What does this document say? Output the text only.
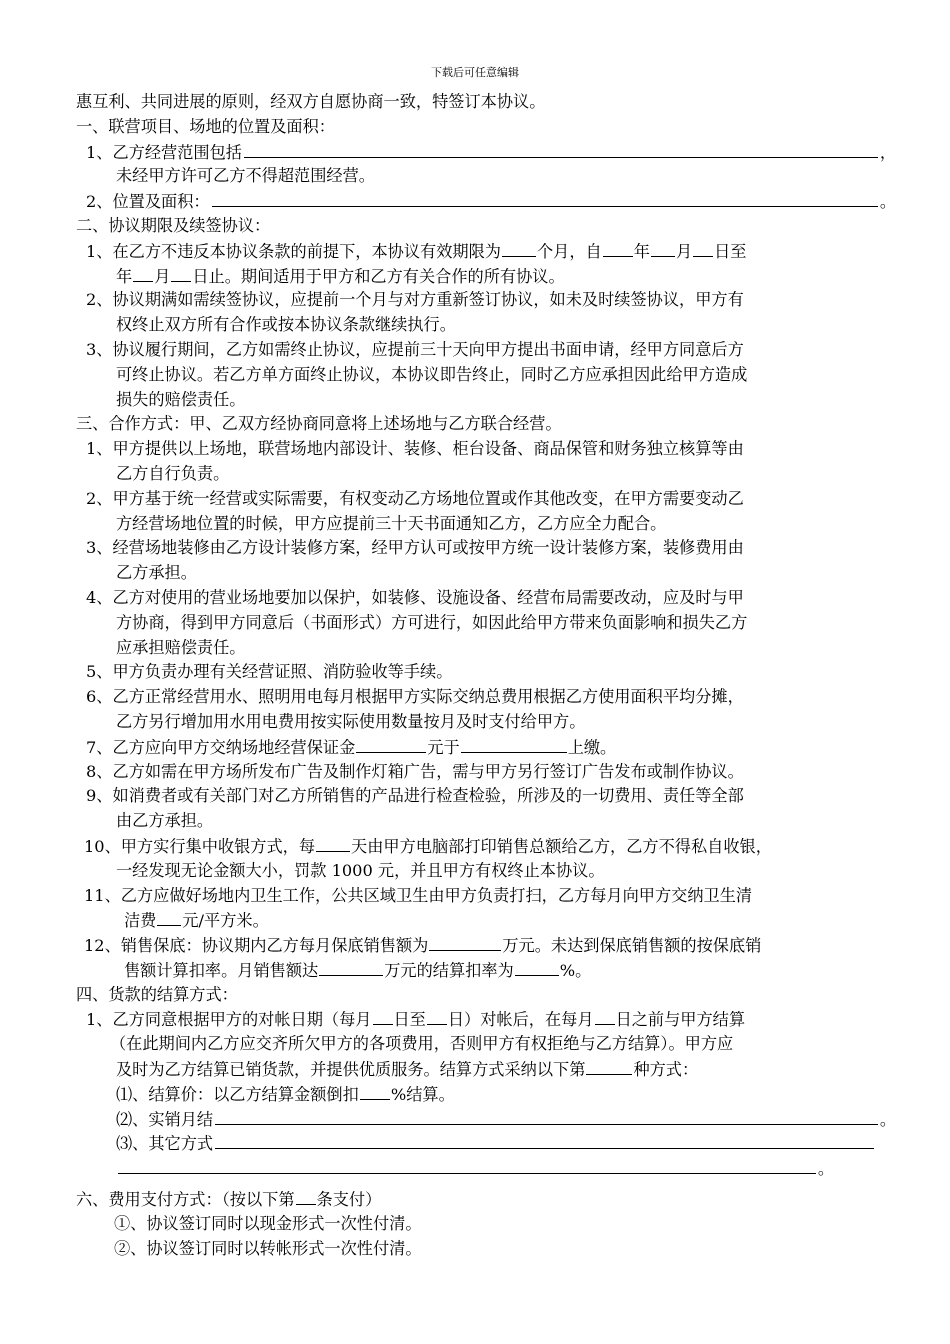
下载后可任意编辑
惠互利、共同进展的原则，经双方自愿协商一致，特签订本协议。
一、联营项目、场地的位置及面积：
1、乙方经营范围包括	，
未经甲方许可乙方不得超范围经营。
2、位置及面积：	。
二、协议期限及续签协议：
1、在乙方不违反本协议条款的前提下，本协议有效期限为 个月，自 年 月 日至
年 月 日止。期间适用于甲方和乙方有关合作的所有协议。
2、协议期满如需续签协议，应提前一个月与对方重新签订协议，如未及时续签协议，甲方有
权终止双方所有合作或按本协议条款继续执行。
3、协议履行期间，乙方如需终止协议，应提前三十天向甲方提出书面申请，经甲方同意后方
可终止协议。若乙方单方面终止协议，本协议即告终止，同时乙方应承担因此给甲方造成
损失的赔偿责任。
三、合作方式：甲、乙双方经协商同意将上述场地与乙方联合经营。
1、甲方提供以上场地，联营场地内部设计、装修、柜台设备、商品保管和财务独立核算等由
乙方自行负责。
2、甲方基于统一经营或实际需要，有权变动乙方场地位置或作其他改变，在甲方需要变动乙
方经营场地位置的时候，甲方应提前三十天书面通知乙方，乙方应全力配合。
3、经营场地装修由乙方设计装修方案，经甲方认可或按甲方统一设计装修方案，装修费用由
乙方承担。
4、乙方对使用的营业场地要加以保护，如装修、设施设备、经营布局需要改动，应及时与甲
方协商，得到甲方同意后（书面形式）方可进行，如因此给甲方带来负面影响和损失乙方
应承担赔偿责任。
5、甲方负责办理有关经营证照、消防验收等手续。
6、乙方正常经营用水、照明用电每月根据甲方实际交纳总费用根据乙方使用面积平均分摊，
乙方另行增加用水用电费用按实际使用数量按月及时支付给甲方。
7、乙方应向甲方交纳场地经营保证金	元于	上缴。
8、乙方如需在甲方场所发布广告及制作灯箱广告，需与甲方另行签订广告发布或制作协议。
9、如消费者或有关部门对乙方所销售的产品进行检查检验，所涉及的一切费用、责任等全部
由乙方承担。
10、甲方实行集中收银方式，每 天由甲方电脑部打印销售总额给乙方，乙方不得私自收银，
一经发现无论金额大小，罚款 1000 元，并且甲方有权终止本协议。
11、乙方应做好场地内卫生工作，公共区域卫生由甲方负责打扫，乙方每月向甲方交纳卫生清
洁费 元/平方米。
12、销售保底：协议期内乙方每月保底销售额为	万元。未达到保底销售额的按保底销
售额计算扣率。月销售额达	万元的结算扣率为	%。
四、货款的结算方式：
1、乙方同意根据甲方的对帐日期（每月 日至 日）对帐后，在每月 日之前与甲方结算
（在此期间内乙方应交齐所欠甲方的各项费用，否则甲方有权拒绝与乙方结算）。甲方应
及时为乙方结算已销货款，并提供优质服务。结算方式采纳以下第	种方式：
⑴、结算价：以乙方结算金额倒扣 %结算。
⑵、实销月结	。
⑶、其它方式
。
六、费用支付方式：（按以下第 条支付）
①、协议签订同时以现金形式一次性付清。
②、协议签订同时以转帐形式一次性付清。
